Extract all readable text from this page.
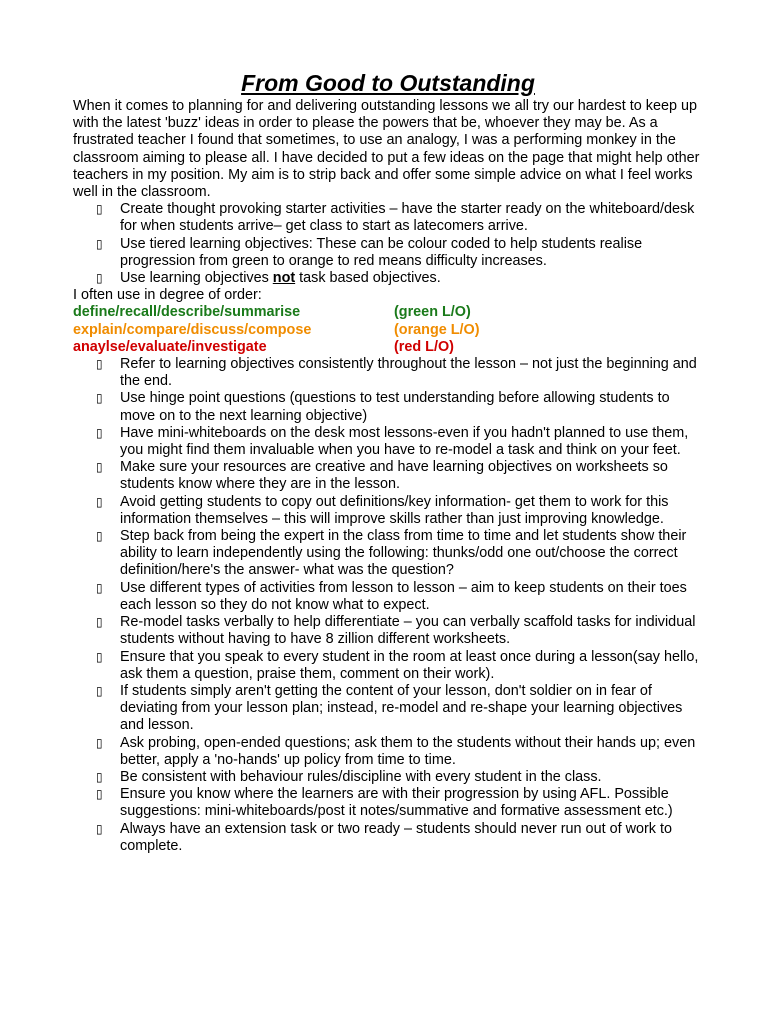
From Good to Outstanding

When it comes to planning for and delivering outstanding lessons we all try our hardest to keep up with the latest 'buzz' ideas in order to please the powers that be, whoever they may be. As a frustrated teacher I found that sometimes, to use an analogy, I was a performing monkey in the classroom aiming to please all. I have decided to put a few ideas on the page that might help other teachers in my position. My aim is to strip back and offer some simple advice on what I feel works well in the classroom.

▯ Create thought provoking starter activities – have the starter ready on the whiteboard/desk for when students arrive– get class to start as latecomers arrive.
▯ Use tiered learning objectives: These can be colour coded to help students realise progression from green to orange to red means difficulty increases.
▯ Use learning objectives not task based objectives.

I often use in degree of order:

define/recall/describe/summarise	(green L/O)
explain/compare/discuss/compose	(orange L/O)
anaylse/evaluate/investigate	(red L/O)
▯ Refer to learning objectives consistently throughout the lesson – not just the beginning and the end.
▯ Use hinge point questions (questions to test understanding before allowing students to move on to the next learning objective)
▯ Have mini-whiteboards on the desk most lessons-even if you hadn't planned to use them, you might find them invaluable when you have to re-model a task and think on your feet.
▯ Make sure your resources are creative and have learning objectives on worksheets so students know where they are in the lesson.
▯ Avoid getting students to copy out definitions/key information- get them to work for this information themselves – this will improve skills rather than just improving knowledge.
▯ Step back from being the expert in the class from time to time and let students show their ability to learn independently using the following: thunks/odd one out/choose the correct definition/here's the answer- what was the question?
▯ Use different types of activities from lesson to lesson – aim to keep students on their toes each lesson so they do not know what to expect.
▯ Re-model tasks verbally to help differentiate – you can verbally scaffold tasks for individual students without having to have 8 zillion different worksheets.
▯ Ensure that you speak to every student in the room at least once during a lesson(say hello, ask them a question, praise them, comment on their work).
▯ If students simply aren't getting the content of your lesson, don't soldier on in fear of deviating from your lesson plan; instead, re-model and re-shape your learning objectives and lesson.
▯ Ask probing, open-ended questions; ask them to the students without their hands up; even better, apply a 'no-hands' up policy from time to time.
▯ Be consistent with behaviour rules/discipline with every student in the class.
▯ Ensure you know where the learners are with their progression by using AFL. Possible suggestions: mini-whiteboards/post it notes/summative and formative assessment etc.)
▯ Always have an extension task or two ready – students should never run out of work to complete.
